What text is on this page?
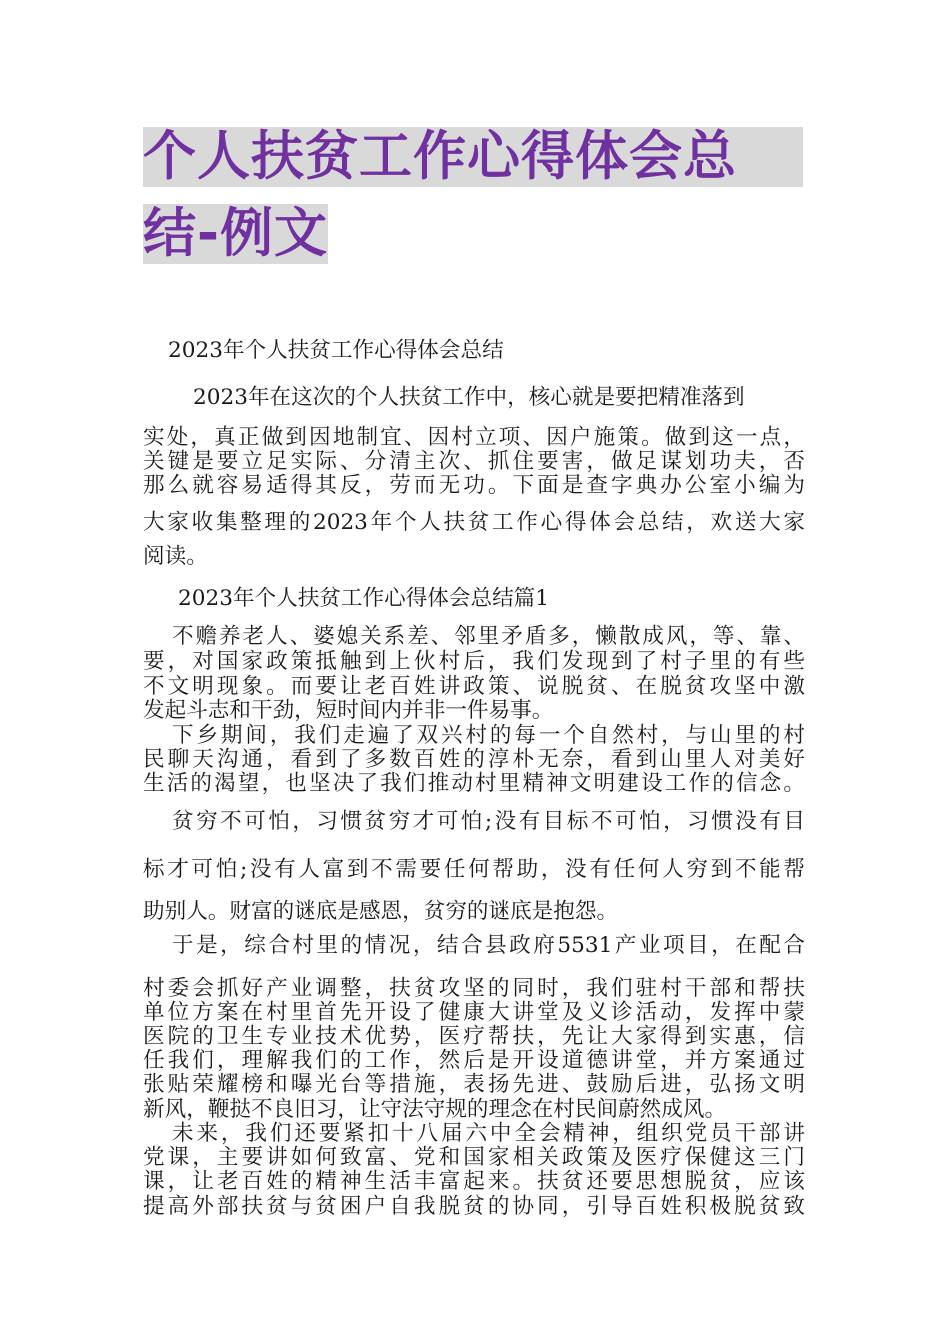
个人扶贫工作心得体会总
结-例文
2023年个人扶贫工作心得体会总结
2023年在这次的个人扶贫工作中，核心就是要把精准落到
实处，真正做到因地制宜、因村立项、因户施策。做到这一点，
关键是要立足实际、分清主次、抓住要害，做足谋划功夫，否
那么就容易适得其反，劳而无功。下面是查字典办公室小编为
大家收集整理的2023年个人扶贫工作心得体会总结，欢送大家
阅读。
2023年个人扶贫工作心得体会总结篇1
不赡养老人、婆媳关系差、邻里矛盾多，懒散成风，等、靠、
要，对国家政策抵触到上伙村后，我们发现到了村子里的有些
不文明现象。而要让老百姓讲政策、说脱贫、在脱贫攻坚中激
发起斗志和干劲，短时间内并非一件易事。
下乡期间，我们走遍了双兴村的每一个自然村，与山里的村
民聊天沟通，看到了多数百姓的淳朴无奈，看到山里人对美好
生活的渴望，也坚决了我们推动村里精神文明建设工作的信念。
贫穷不可怕，习惯贫穷才可怕;没有目标不可怕，习惯没有目
标才可怕;没有人富到不需要任何帮助，没有任何人穷到不能帮
助别人。财富的谜底是感恩，贫穷的谜底是抱怨。
于是，综合村里的情况，结合县政府5531产业项目，在配合
村委会抓好产业调整，扶贫攻坚的同时，我们驻村干部和帮扶
单位方案在村里首先开设了健康大讲堂及义诊活动，发挥中蒙
医院的卫生专业技术优势，医疗帮扶，先让大家得到实惠，信
任我们，理解我们的工作，然后是开设道德讲堂，并方案通过
张贴荣耀榜和曝光台等措施，表扬先进、鼓励后进，弘扬文明
新风，鞭挞不良旧习，让守法守规的理念在村民间蔚然成风。
未来，我们还要紧扣十八届六中全会精神，组织党员干部讲
党课，主要讲如何致富、党和国家相关政策及医疗保健这三门
课，让老百姓的精神生活丰富起来。扶贫还要思想脱贫，应该
提高外部扶贫与贫困户自我脱贫的协同，引导百姓积极脱贫致
